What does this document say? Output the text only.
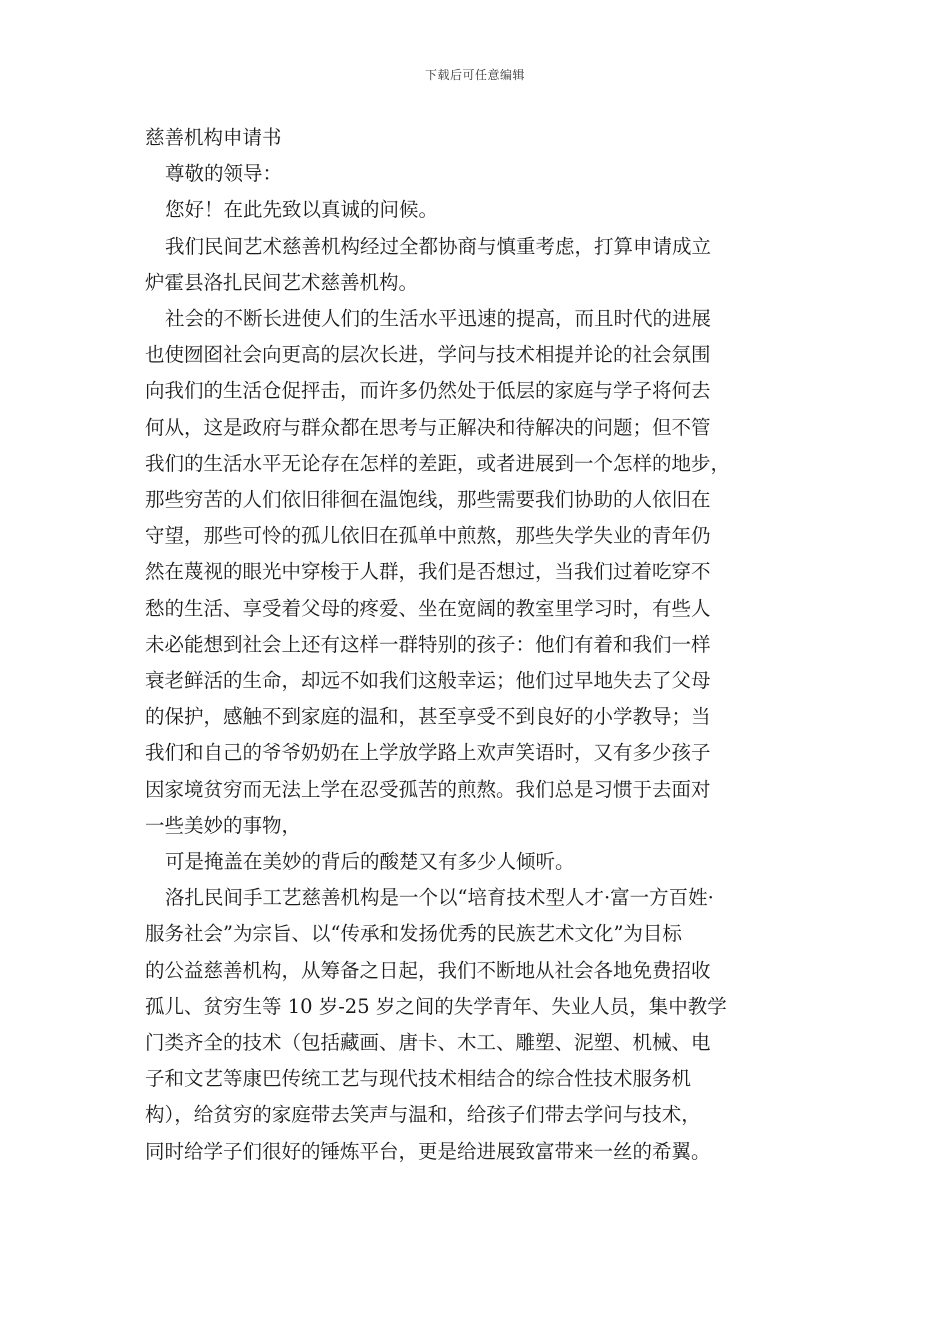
下载后可任意编辑

慈善机构申请书

尊敬的领导：

您好！在此先致以真诚的问候。

我们民间艺术慈善机构经过全都协商与慎重考虑，打算申请成立
炉霍县洛扎民间艺术慈善机构。

社会的不断长进使人们的生活水平迅速的提高，而且时代的进展
也使囫囵社会向更高的层次长进，学问与技术相提并论的社会氛围
向我们的生活仓促抨击，而许多仍然处于低层的家庭与学子将何去
何从，这是政府与群众都在思考与正解决和待解决的问题；但不管
我们的生活水平无论存在怎样的差距，或者进展到一个怎样的地步，
那些穷苦的人们依旧徘徊在温饱线，那些需要我们协助的人依旧在
守望，那些可怜的孤儿依旧在孤单中煎熬，那些失学失业的青年仍
然在蔑视的眼光中穿梭于人群，我们是否想过，当我们过着吃穿不
愁的生活、享受着父母的疼爱、坐在宽阔的教室里学习时，有些人
未必能想到社会上还有这样一群特别的孩子：他们有着和我们一样
衰老鲜活的生命，却远不如我们这般幸运；他们过早地失去了父母
的保护，感触不到家庭的温和，甚至享受不到良好的小学教导；当
我们和自己的爷爷奶奶在上学放学路上欢声笑语时，又有多少孩子
因家境贫穷而无法上学在忍受孤苦的煎熬。我们总是习惯于去面对
一些美妙的事物，

可是掩盖在美妙的背后的酸楚又有多少人倾听。

洛扎民间手工艺慈善机构是一个以“培育技术型人才·富一方百姓·
服务社会”为宗旨、以“传承和发扬优秀的民族艺术文化”为目标
的公益慈善机构，从筹备之日起，我们不断地从社会各地免费招收
孤儿、贫穷生等 10 岁-25 岁之间的失学青年、失业人员，集中教学
门类齐全的技术（包括藏画、唐卡、木工、雕塑、泥塑、机械、电
子和文艺等康巴传统工艺与现代技术相结合的综合性技术服务机
构），给贫穷的家庭带去笑声与温和，给孩子们带去学问与技术，
同时给学子们很好的锤炼平台，更是给进展致富带来一丝的希翼。
